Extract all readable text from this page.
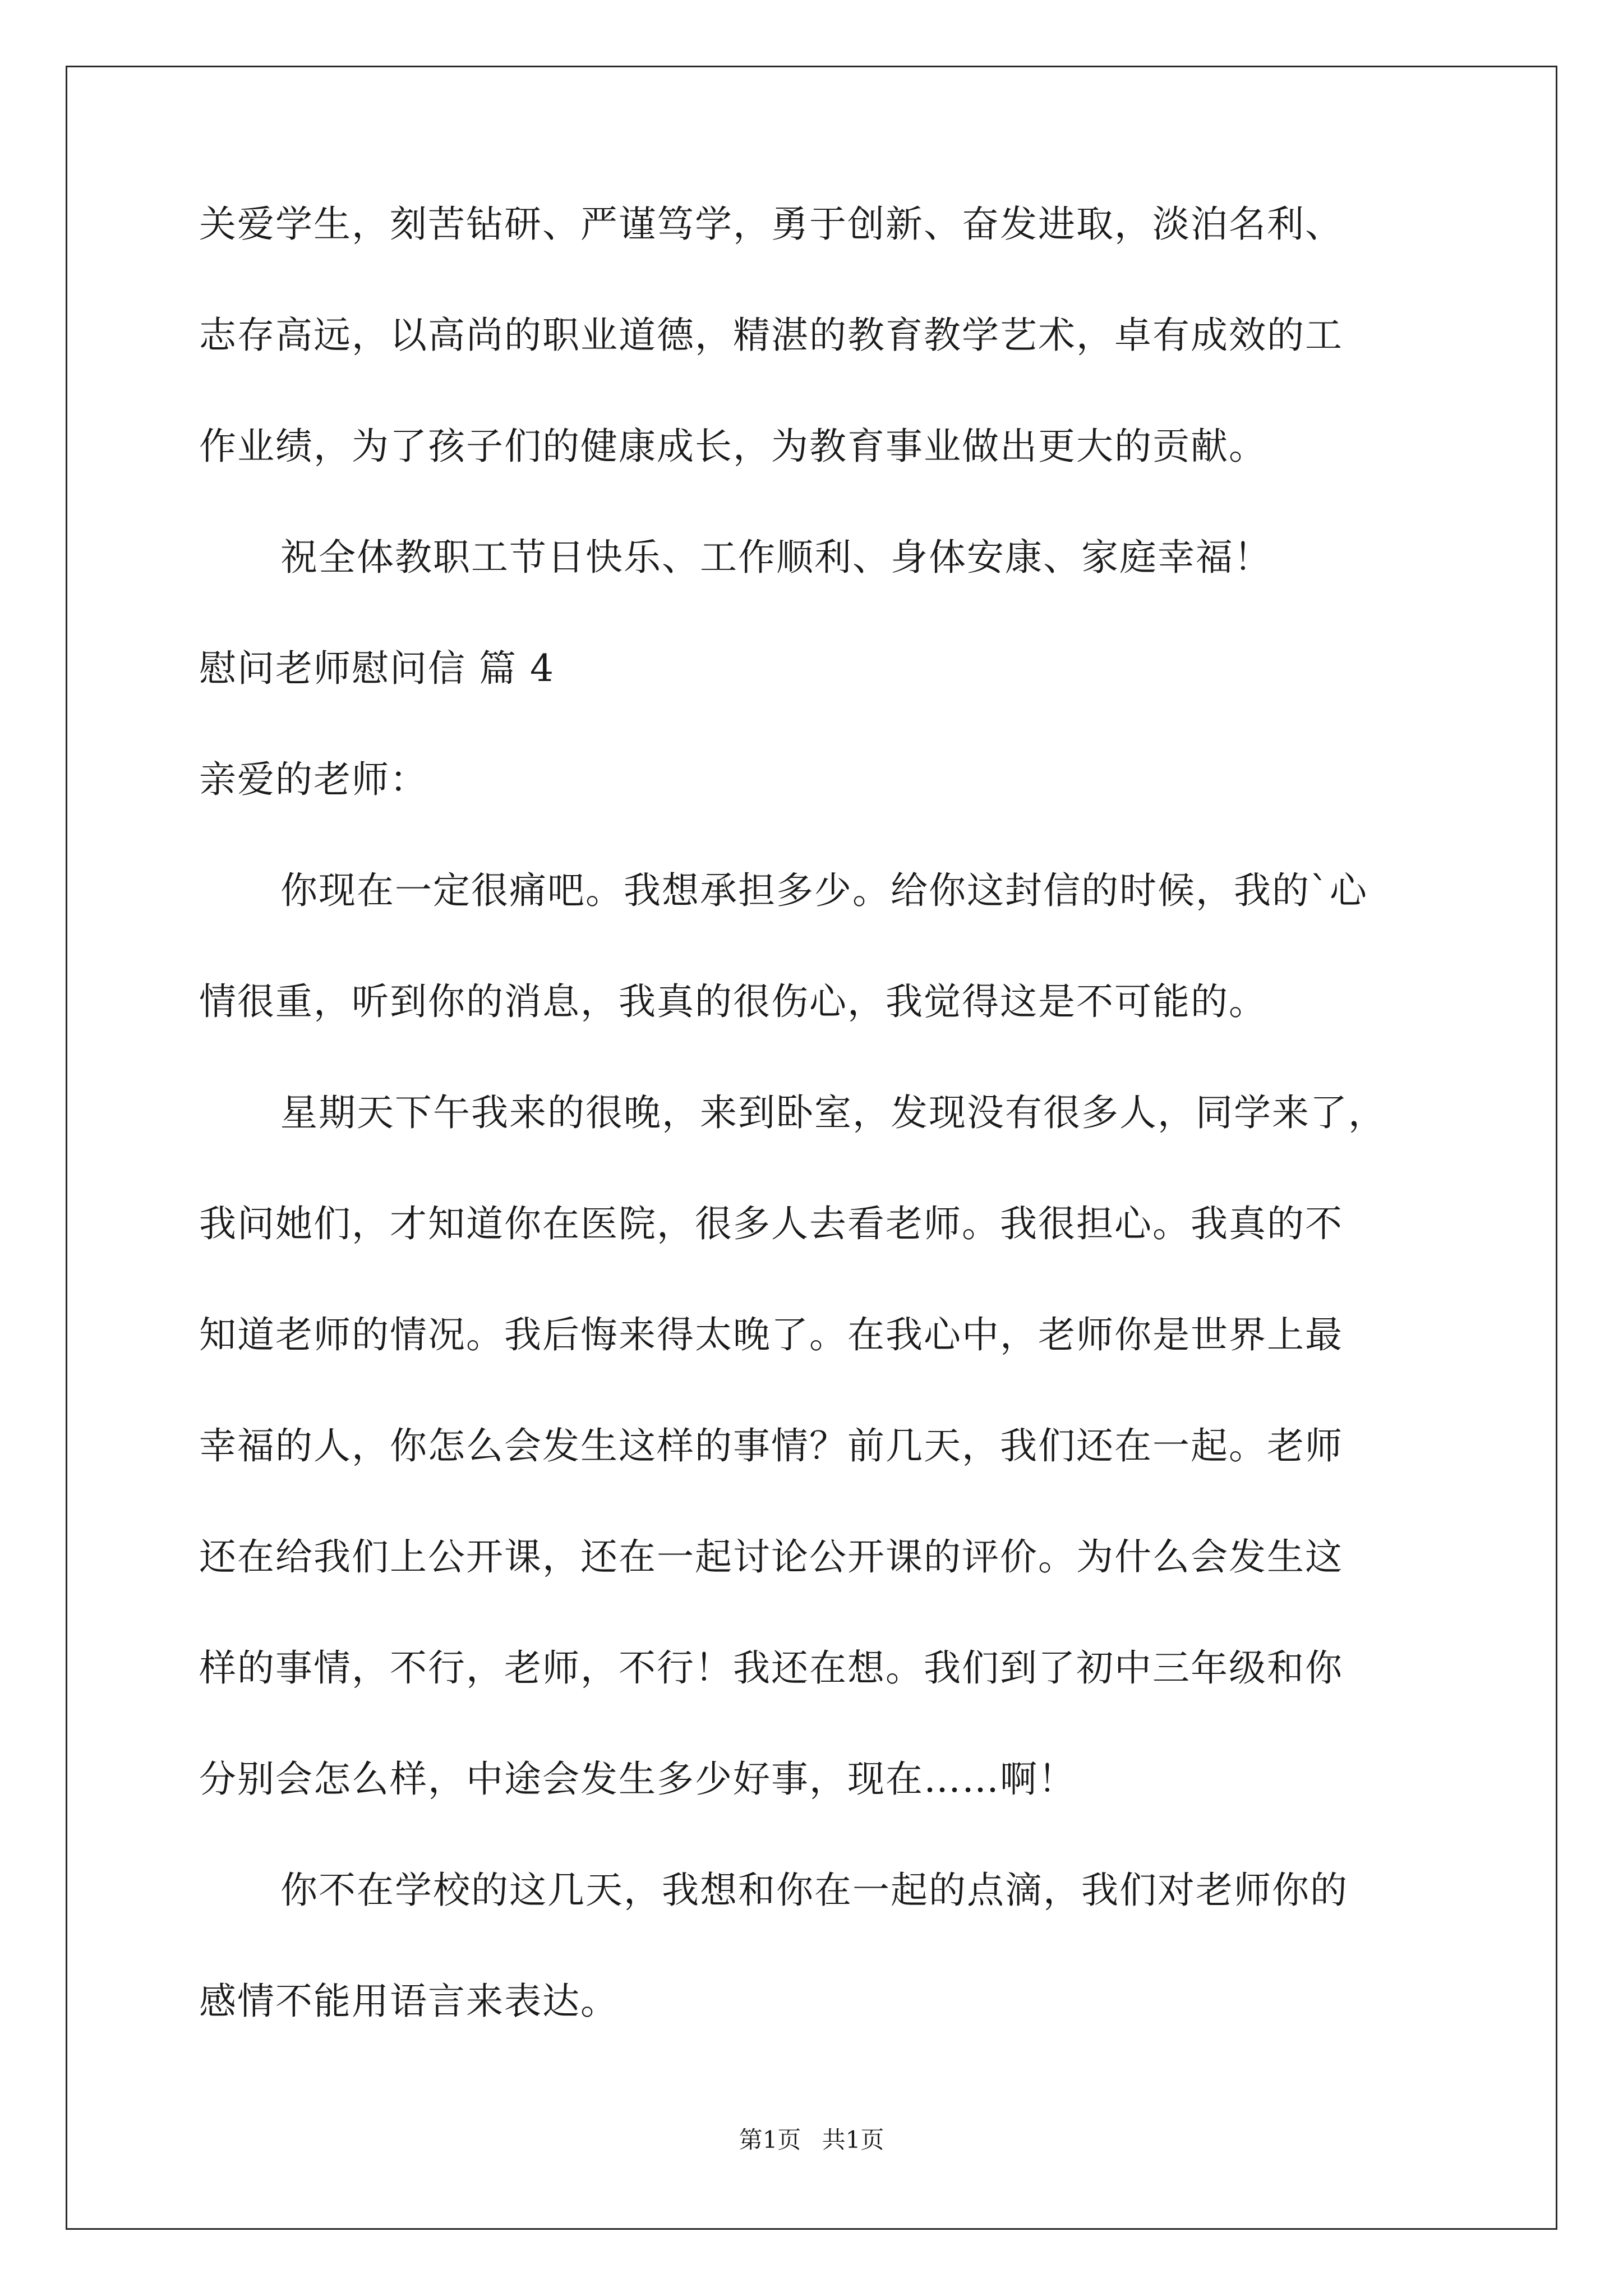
关爱学生，刻苦钻研、严谨笃学，勇于创新、奋发进取，淡泊名利、
志存高远，以高尚的职业道德，精湛的教育教学艺术，卓有成效的工
作业绩，为了孩子们的健康成长，为教育事业做出更大的贡献。
祝全体教职工节日快乐、工作顺利、身体安康、家庭幸福！
慰问老师慰问信 篇 4
亲爱的老师：
你现在一定很痛吧。我想承担多少。给你这封信的时候，我的`心
情很重，听到你的消息，我真的很伤心，我觉得这是不可能的。
星期天下午我来的很晚，来到卧室，发现没有很多人，同学来了，
我问她们，才知道你在医院，很多人去看老师。我很担心。我真的不
知道老师的情况。我后悔来得太晚了。在我心中，老师你是世界上最
幸福的人，你怎么会发生这样的事情？前几天，我们还在一起。老师
还在给我们上公开课，还在一起讨论公开课的评价。为什么会发生这
样的事情，不行，老师，不行！我还在想。我们到了初中三年级和你
分别会怎么样，中途会发生多少好事，现在……啊！
你不在学校的这几天，我想和你在一起的点滴，我们对老师你的
感情不能用语言来表达。
第1页 共1页
